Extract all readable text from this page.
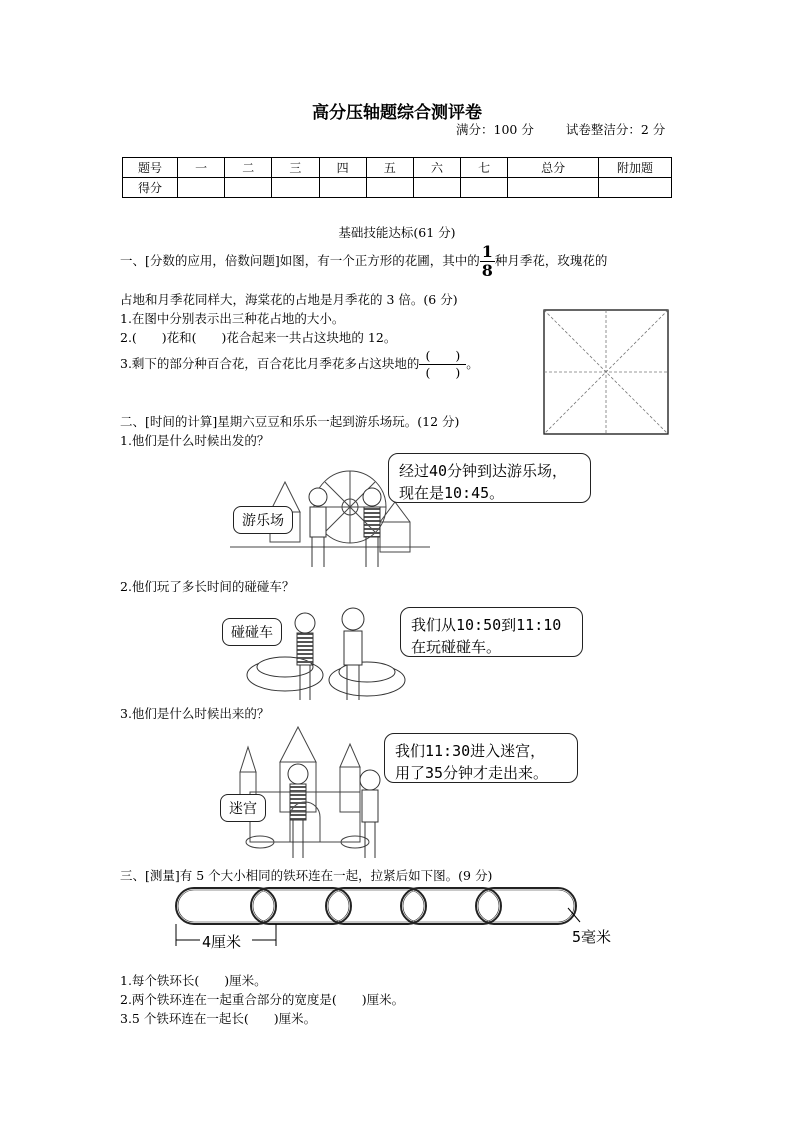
高分压轴题综合测评卷
满分：100 分	试卷整洁分：2 分
题号	一	二	三	四	五	六	七	总分	附加题
得分									
基础技能达标(61 分)
一、[分数的应用，倍数问题]如图，有一个正方形的花圃，其中的 $\frac{1}{8}$ 种月季花，玫瑰花的
占地和月季花同样大，海棠花的占地是月季花的 3 倍。(6 分)
1.在图中分别表示出三种花占地的大小。
2.(　　)花和(　　)花合起来一共占这块地的 12。
3.剩下的部分种百合花，百合花比月季花多占这块地的
(　　)
(　　)
。
二、[时间的计算]星期六豆豆和乐乐一起到游乐场玩。(12 分)
1.他们是什么时候出发的？
游乐场
经过40分钟到达游乐场，
现在是10:45。
2.他们玩了多长时间的碰碰车？
碰碰车	我们从10:50到11:10
在玩碰碰车。
3.他们是什么时候出来的？
迷宫
我们11:30进入迷宫，
用了35分钟才走出来。
三、[测量]有 5 个大小相同的铁环连在一起，拉紧后如下图。(9 分)
4厘米	5毫米
1.每个铁环长(　　)厘米。
2.两个铁环连在一起重合部分的宽度是(　　)厘米。
3.5 个铁环连在一起长(　　)厘米。
